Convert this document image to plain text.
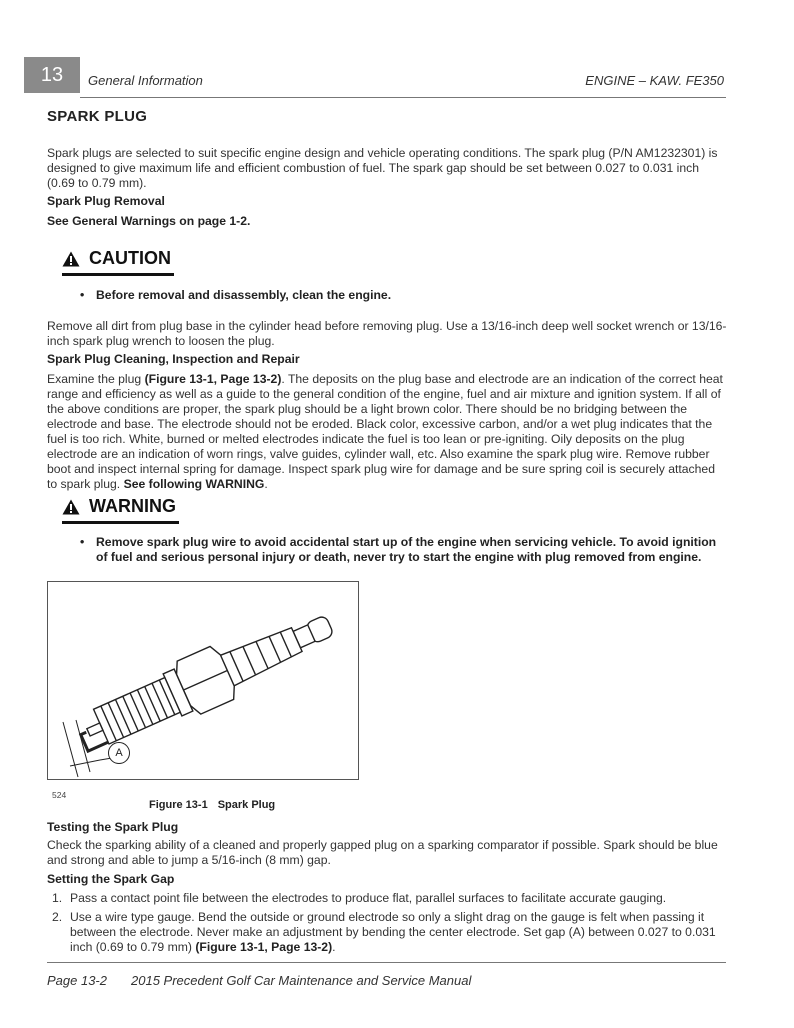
13	General Information	ENGINE – KAW. FE350
SPARK PLUG
Spark plugs are selected to suit specific engine design and vehicle operating conditions. The spark plug (P/N AM1232301) is designed to give maximum life and efficient combustion of fuel. The spark gap should be set between 0.027 to 0.031 inch (0.69 to 0.79 mm).
Spark Plug Removal
See General Warnings on page 1-2.
CAUTION
• Before removal and disassembly, clean the engine.
Remove all dirt from plug base in the cylinder head before removing plug. Use a 13/16-inch deep well socket wrench or 13/16-inch spark plug wrench to loosen the plug.
Spark Plug Cleaning, Inspection and Repair
Examine the plug (Figure 13-1, Page 13-2). The deposits on the plug base and electrode are an indication of the correct heat range and efficiency as well as a guide to the general condition of the engine, fuel and air mixture and ignition system. If all of the above conditions are proper, the spark plug should be a light brown color. There should be no bridging between the electrode and base. The electrode should not be eroded. Black color, excessive carbon, and/or a wet plug indicates that the fuel is too rich. White, burned or melted electrodes indicate the fuel is too lean or pre-igniting. Oily deposits on the plug electrode are an indication of worn rings, valve guides, cylinder wall, etc. Also examine the spark plug wire. Remove rubber boot and inspect internal spring for damage. Inspect spark plug wire for damage and be sure spring coil is securely attached to spark plug. See following WARNING.
WARNING
• Remove spark plug wire to avoid accidental start up of the engine when servicing vehicle. To avoid ignition of fuel and serious personal injury or death, never try to start the engine with plug removed from engine.
A
524
Figure 13-1 Spark Plug
Testing the Spark Plug
Check the sparking ability of a cleaned and properly gapped plug on a sparking comparator if possible. Spark should be blue and strong and able to jump a 5/16-inch (8 mm) gap.
Setting the Spark Gap
1. Pass a contact point file between the electrodes to produce flat, parallel surfaces to facilitate accurate gauging.
2. Use a wire type gauge. Bend the outside or ground electrode so only a slight drag on the gauge is felt when passing it between the electrode. Never make an adjustment by bending the center electrode. Set gap (A) between 0.027 to 0.031 inch (0.69 to 0.79 mm) (Figure 13-1, Page 13-2).
Page 13-2 2015 Precedent Golf Car Maintenance and Service Manual
